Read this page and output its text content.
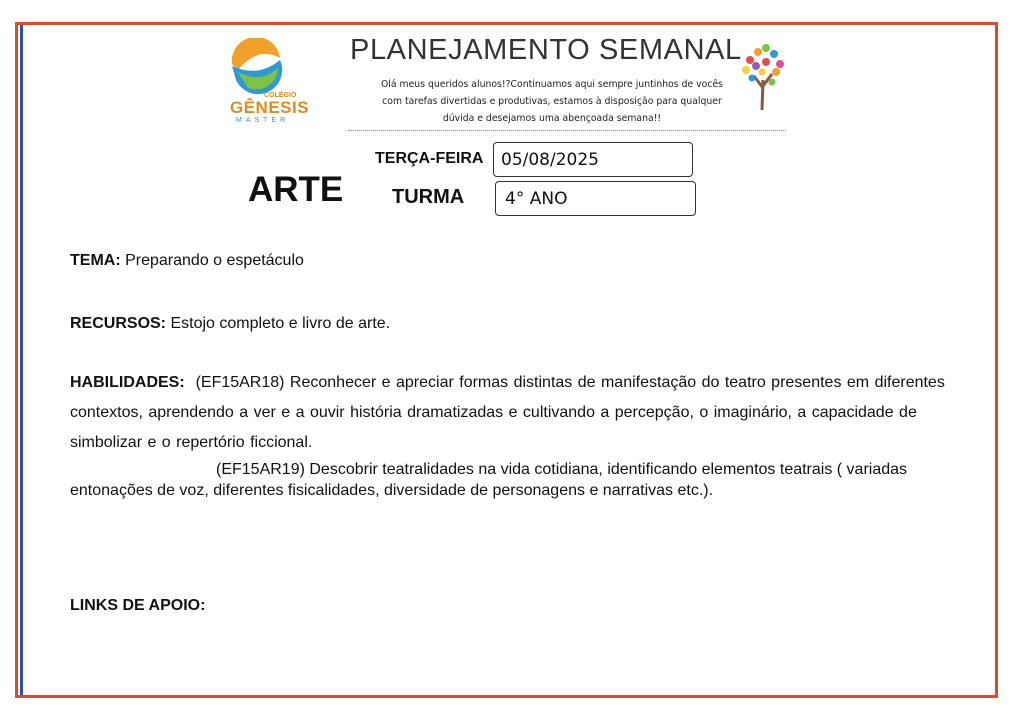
COLÉGIO
GÊNESIS
MASTER
PLANEJAMENTO SEMANAL
Olá meus queridos alunos!?Continuamos aqui sempre juntinhos de vocês com tarefas divertidas e produtivas, estamos à disposição para qualquer dúvida e desejamos uma abençoada semana!!
ARTE
TERÇA-FEIRA	05/08/2025
TURMA	4° ANO
TEMA: Preparando o espetáculo
RECURSOS: Estojo completo e livro de arte.
HABILIDADES: (EF15AR18) Reconhecer e apreciar formas distintas de manifestação do teatro presentes em diferentes contextos, aprendendo a ver e a ouvir história dramatizadas e cultivando a percepção, o imaginário, a capacidade de simbolizar e o repertório ficcional.
(EF15AR19) Descobrir teatralidades na vida cotidiana, identificando elementos teatrais ( variadas entonações de voz, diferentes fisicalidades, diversidade de personagens e narrativas etc.).
LINKS DE APOIO:
